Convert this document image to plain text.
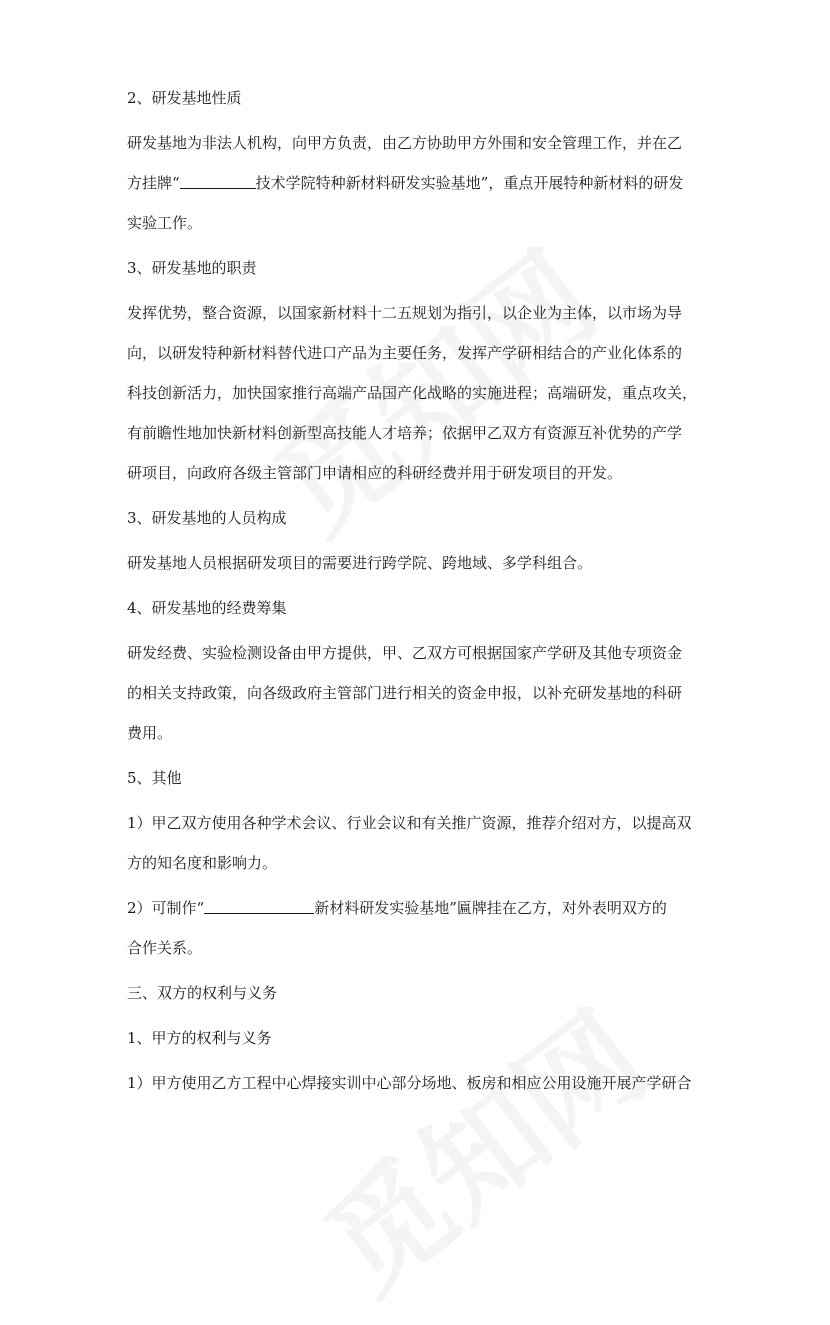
2、研发基地性质
研发基地为非法人机构，向甲方负责，由乙方协助甲方外围和安全管理工作，并在乙
方挂牌“	技术学院特种新材料研发实验基地”，重点开展特种新材料的研发
实验工作。
3、研发基地的职责
发挥优势，整合资源，以国家新材料十二五规划为指引，以企业为主体，以市场为导
向，以研发特种新材料替代进口产品为主要任务，发挥产学研相结合的产业化体系的
科技创新活力，加快国家推行高端产品国产化战略的实施进程；高端研发，重点攻关，
有前瞻性地加快新材料创新型高技能人才培养；依据甲乙双方有资源互补优势的产学
研项目，向政府各级主管部门申请相应的科研经费并用于研发项目的开发。
3、研发基地的人员构成
研发基地人员根据研发项目的需要进行跨学院、跨地域、多学科组合。
4、研发基地的经费筹集
研发经费、实验检测设备由甲方提供，甲、乙双方可根据国家产学研及其他专项资金
的相关支持政策，向各级政府主管部门进行相关的资金申报，以补充研发基地的科研
费用。
5、其他
1）甲乙双方使用各种学术会议、行业会议和有关推广资源，推荐介绍对方，以提高双
方的知名度和影响力。
2）可制作“	新材料研发实验基地”匾牌挂在乙方，对外表明双方的
合作关系。
三、双方的权利与义务
1、甲方的权利与义务
1）甲方使用乙方工程中心焊接实训中心部分场地、板房和相应公用设施开展产学研合
